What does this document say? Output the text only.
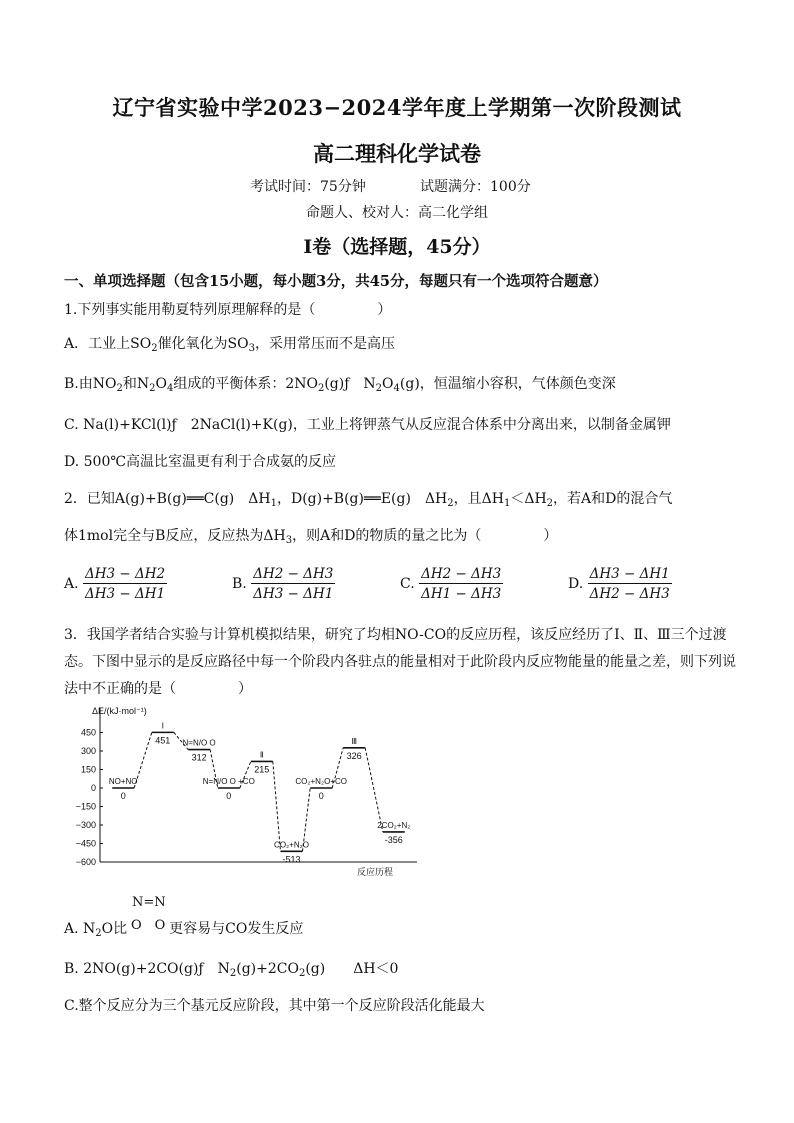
辽宁省实验中学2023−2024学年度上学期第一次阶段测试
高二理科化学试卷
考试时间：75分钟	试题满分：100分
命题人、校对人：高二化学组
Ⅰ卷（选择题，45分）
一、单项选择题（包含15小题，每小题3分，共45分，每题只有一个选项符合题意）
1.下列事实能用勒夏特列原理解释的是（	）
A．工业上$SO_2$催化氧化为$SO_3$，采用常压而不是高压
B.由$NO_2$和$N_2O_4$组成的平衡体系：$2NO_2(g)ƒ$　$N_2O_4(g)$，恒温缩小容积，气体颜色变深
C. Na(l)+KCl(l)ƒ　2NaCl(l)+K(g)，工业上将钾蒸气从反应混合体系中分离出来，以制备金属钾
D. 500℃高温比室温更有利于合成氨的反应
2．已知A(g)+B(g)══C(g)　$\Delta H_1$，D(g)+B(g)══E(g)　$\Delta H_2$，且$\Delta H_1<\Delta H_2$，若A和D的混合气
体1mol完全与B反应，反应热为$\Delta H_3$，则A和D的物质的量之比为（	）
A. $\frac{\Delta H3 - \Delta H2}{\Delta H3 - \Delta H1}$	B. $\frac{\Delta H2 - \Delta H3}{\Delta H3 - \Delta H1}$	C. $\frac{\Delta H2 - \Delta H3}{\Delta H1 - \Delta H3}$	D. $\frac{\Delta H3 - \Delta H1}{\Delta H2 - \Delta H3}$
3．我国学者结合实验与计算机模拟结果，研究了均相NO-CO的反应历程，该反应经历了Ⅰ、Ⅱ、Ⅲ三个过渡
态。下图中显示的是反应路径中每一个阶段内各驻点的能量相对于此阶段内反应物能量的能量之差，则下列说
法中不正确的是（	）
ΔE/(kJ·mol⁻¹)
反应历程
450
300
150
0
−150
−300
−450
−600
0
NO+NO
451
Ⅰ
312
N=N/O O
0
N=N/O O +CO
215
Ⅱ
-513
CO₂+N₂O
0
CO₂+N₂O+CO
326
Ⅲ
-356
2CO₂+N₂
A. $N_2O$比	更容易与CO发生反应
N=N
O　O
B. 2NO(g)+2CO(g)ƒ　$N_2(g)+2CO_2(g)$　　ΔH＜0
C.整个反应分为三个基元反应阶段，其中第一个反应阶段活化能最大
